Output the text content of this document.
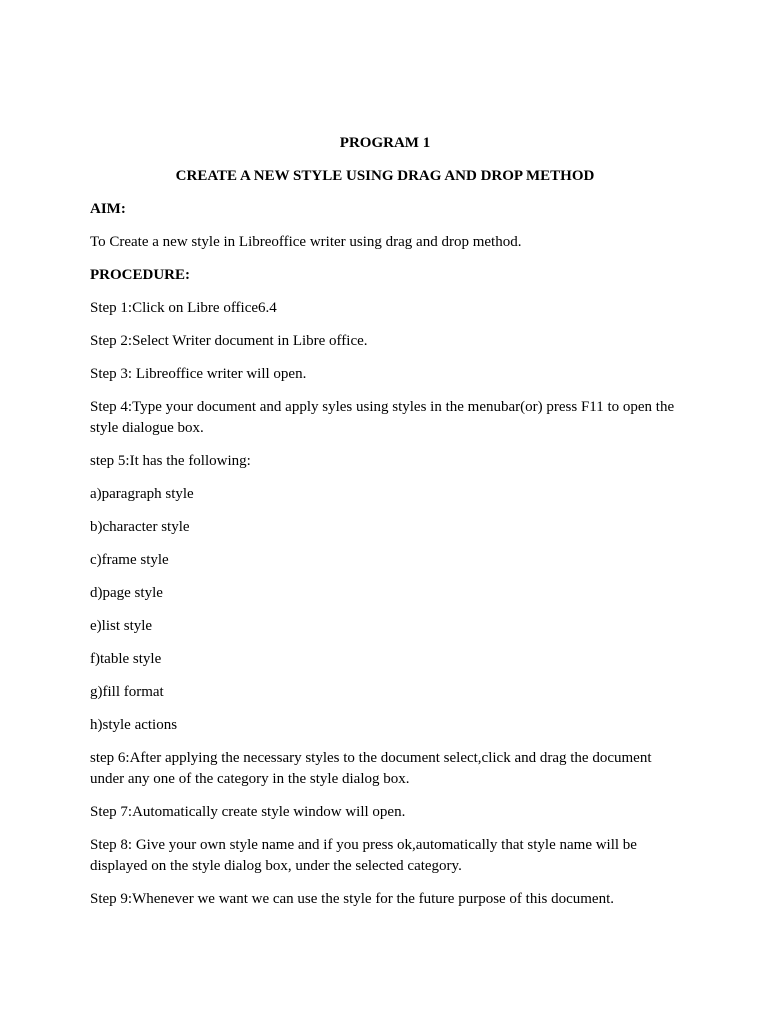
PROGRAM 1
CREATE A NEW STYLE USING DRAG AND DROP METHOD
AIM:
To Create a new style in Libreoffice writer using drag and drop method.
PROCEDURE:
Step 1:Click on Libre office6.4
Step 2:Select Writer document in Libre office.
Step 3: Libreoffice writer will open.
Step 4:Type your document and apply syles using styles in the menubar(or) press F11 to open the style dialogue box.
step 5:It has the following:
a)paragraph style
b)character style
c)frame style
d)page style
e)list style
f)table style
g)fill format
h)style actions
step 6:After applying the necessary styles to the document select,click and drag the document under any one of the category in the style dialog box.
Step 7:Automatically create style window will open.
Step 8: Give your own style name and if you press ok,automatically that style name will be displayed on the style dialog box, under the selected category.
Step 9:Whenever we want we can use the style for the future purpose of this document.
